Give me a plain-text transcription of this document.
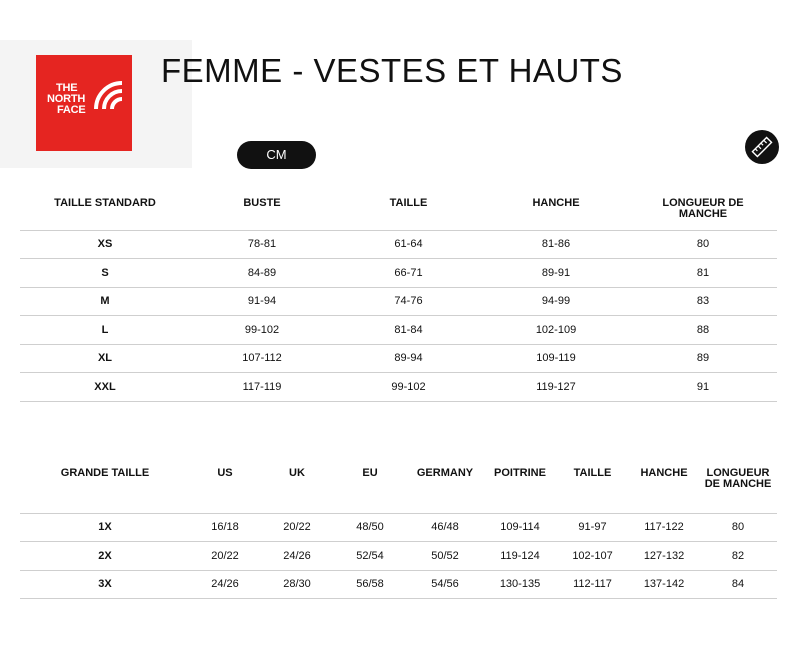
THE
NORTH
FACE
FEMME - VESTES ET HAUTS
CM
TAILLE STANDARD	BUSTE	TAILLE	HANCHE	LONGUEUR DE MANCHE
XS	78-81	61-64	81-86	80
S	84-89	66-71	89-91	81
M	91-94	74-76	94-99	83
L	99-102	81-84	102-109	88
XL	107-112	89-94	109-119	89
XXL	117-119	99-102	119-127	91
GRANDE TAILLE	US	UK	EU	GERMANY	POITRINE	TAILLE	HANCHE	LONGUEUR DE MANCHE
1X	16/18	20/22	48/50	46/48	109-114	91-97	117-122	80
2X	20/22	24/26	52/54	50/52	119-124	102-107	127-132	82
3X	24/26	28/30	56/58	54/56	130-135	112-117	137-142	84
